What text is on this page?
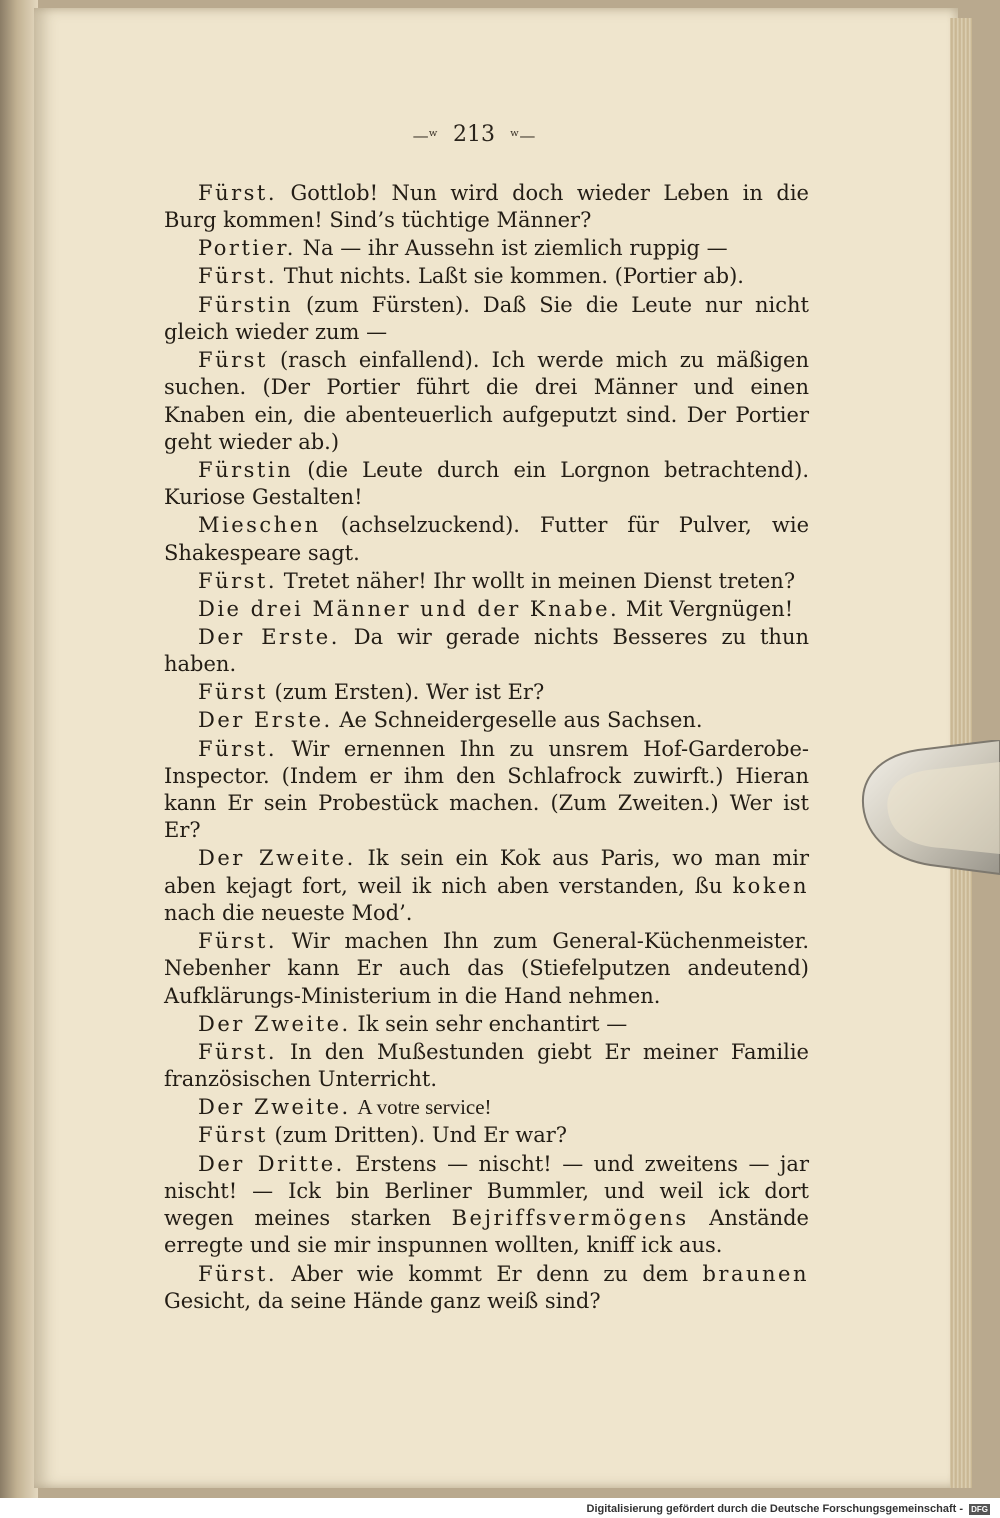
—ʷ 213 ʷ—

Fürst. Gottlob! Nun wird doch wieder Leben in die Burg kommen! Sind’s tüchtige Männer?

Portier. Na — ihr Aussehn ist ziemlich ruppig —

Fürst. Thut nichts. Laßt sie kommen. (Portier ab).

Fürstin (zum Fürsten). Daß Sie die Leute nur nicht gleich wieder zum —

Fürst (rasch einfallend). Ich werde mich zu mäßigen suchen. (Der Portier führt die drei Männer und einen Knaben ein, die abenteuerlich aufgeputzt sind. Der Portier geht wieder ab.)

Fürstin (die Leute durch ein Lorgnon betrachtend). Kuriose Gestalten!

Mieschen (achselzuckend). Futter für Pulver, wie Shakespeare sagt.

Fürst. Tretet näher! Ihr wollt in meinen Dienst treten?

Die drei Männer und der Knabe. Mit Vergnügen!

Der Erste. Da wir gerade nichts Besseres zu thun haben.

Fürst (zum Ersten). Wer ist Er?

Der Erste. Ae Schneidergeselle aus Sachsen.

Fürst. Wir ernennen Ihn zu unsrem Hof-Garderobe-Inspector. (Indem er ihm den Schlafrock zuwirft.) Hieran kann Er sein Probestück machen. (Zum Zweiten.) Wer ist Er?

Der Zweite. Ik sein ein Kok aus Paris, wo man mir aben kejagt fort, weil ik nich aben verstanden, ßu koken nach die neueste Mod’.

Fürst. Wir machen Ihn zum General-Küchenmeister. Nebenher kann Er auch das (Stiefelputzen andeutend) Aufklärungs-Ministerium in die Hand nehmen.

Der Zweite. Ik sein sehr enchantirt —

Fürst. In den Mußestunden giebt Er meiner Familie französischen Unterricht.

Der Zweite. A votre service!

Fürst (zum Dritten). Und Er war?

Der Dritte. Erstens — nischt! — und zweitens — jar nischt! — Ick bin Berliner Bummler, und weil ick dort wegen meines starken Bejriffsvermögens Anstände erregte und sie mir inspunnen wollten, kniff ick aus.

Fürst. Aber wie kommt Er denn zu dem braunen Gesicht, da seine Hände ganz weiß sind?

Digitalisierung gefördert durch die Deutsche Forschungsgemeinschaft - DFG
